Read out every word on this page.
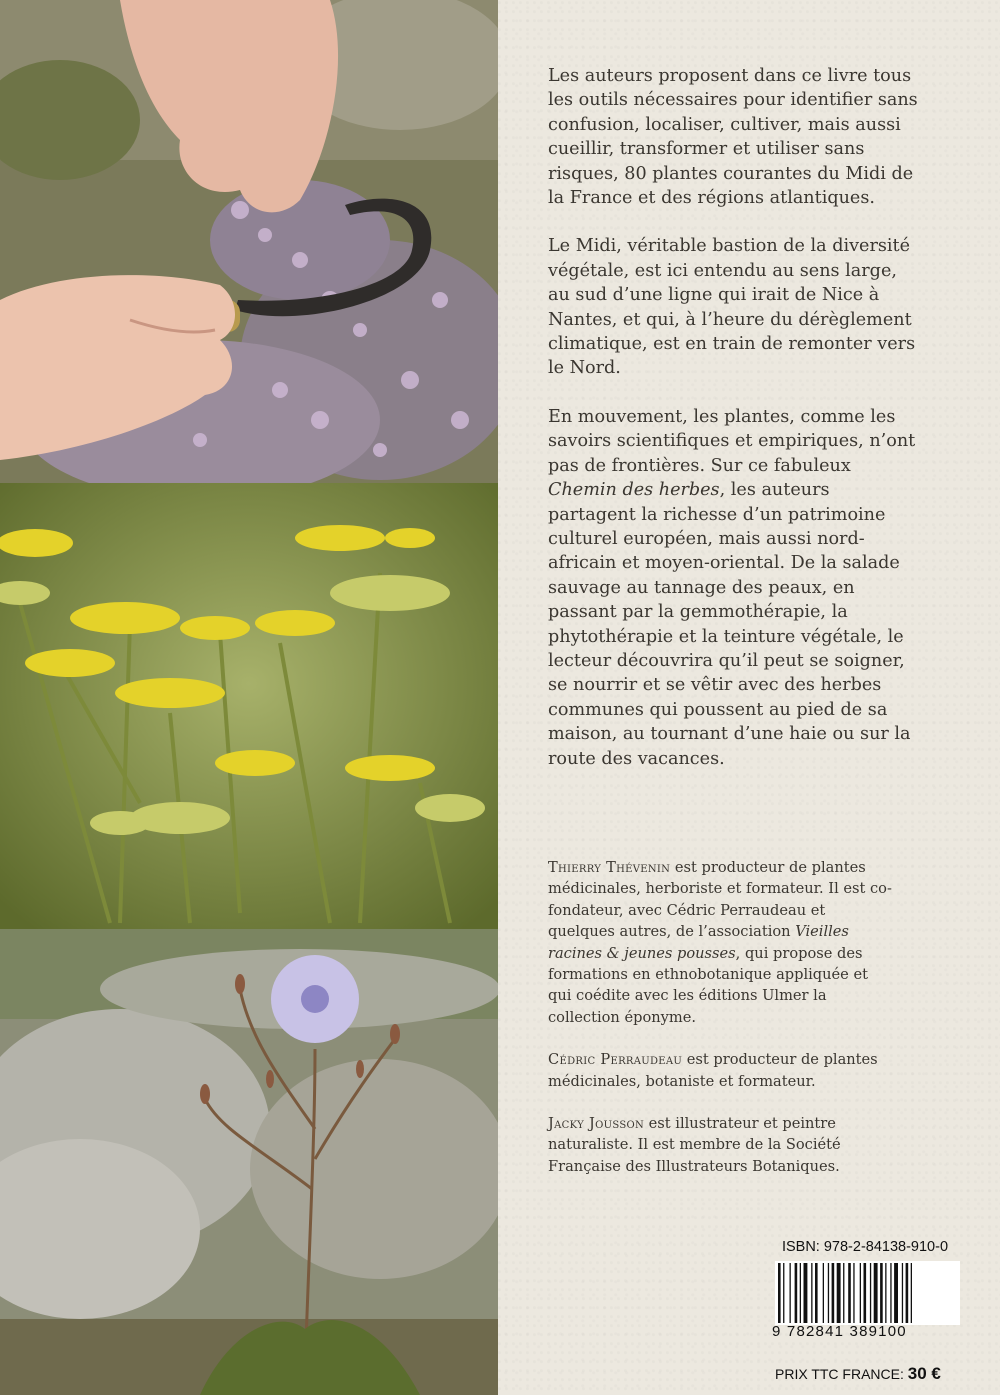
Les auteurs proposent dans ce livre tous les outils nécessaires pour identifier sans confusion, localiser, cultiver, mais aussi cueillir, transformer et utiliser sans risques, 80 plantes courantes du Midi de la France et des régions atlantiques.

Le Midi, véritable bastion de la diversité végétale, est ici entendu au sens large, au sud d’une ligne qui irait de Nice à Nantes, et qui, à l’heure du dérèglement climatique, est en train de remonter vers le Nord.

En mouvement, les plantes, comme les savoirs scientifiques et empiriques, n’ont pas de frontières. Sur ce fabuleux Chemin des herbes, les auteurs partagent la richesse d’un patrimoine culturel européen, mais aussi nord-africain et moyen-oriental. De la salade sauvage au tannage des peaux, en passant par la gemmothérapie, la phytothérapie et la teinture végétale, le lecteur découvrira qu’il peut se soigner, se nourrir et se vêtir avec des herbes communes qui poussent au pied de sa maison, au tournant d’une haie ou sur la route des vacances.

Thierry Thévenin est producteur de plantes médicinales, herboriste et formateur. Il est co-fondateur, avec Cédric Perraudeau et quelques autres, de l’association Vieilles racines & jeunes pousses, qui propose des formations en ethnobotanique appliquée et qui coédite avec les éditions Ulmer la collection éponyme.

Cédric Perraudeau est producteur de plantes médicinales, botaniste et formateur.

Jacky Jousson est illustrateur et peintre naturaliste. Il est membre de la Société Française des Illustrateurs Botaniques.

ISBN: 978-2-84138-910-0
9 782841 389100
PRIX TTC FRANCE: 30 €
